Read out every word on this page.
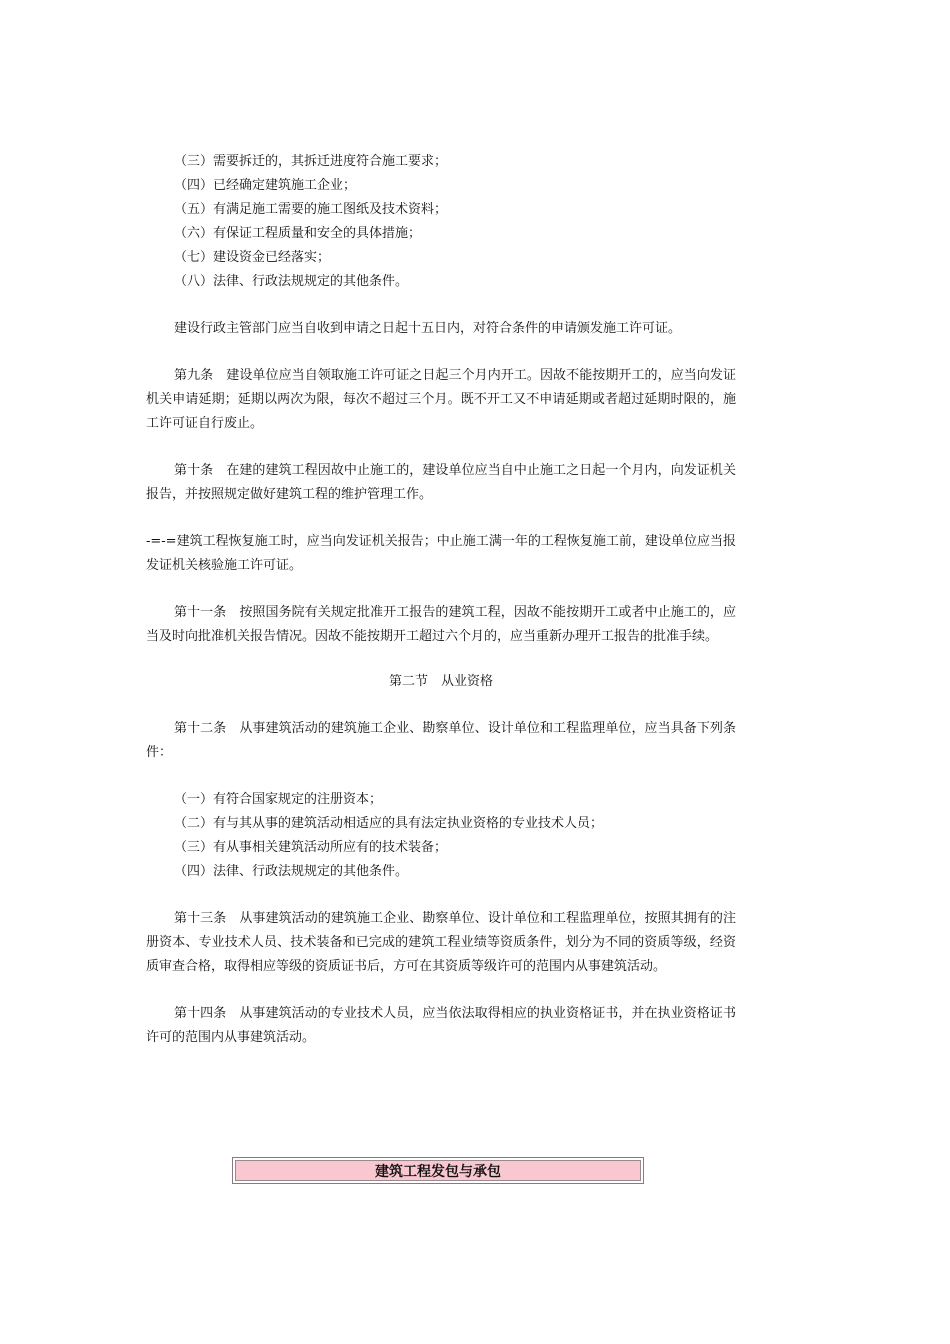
（三）需要拆迁的，其拆迁进度符合施工要求；

（四）已经确定建筑施工企业；

（五）有满足施工需要的施工图纸及技术资料；

（六）有保证工程质量和安全的具体措施；

（七）建设资金已经落实；

（八）法律、行政法规规定的其他条件。

建设行政主管部门应当自收到申请之日起十五日内，对符合条件的申请颁发施工许可证。

第九条　建设单位应当自领取施工许可证之日起三个月内开工。因故不能按期开工的，应当向发证机关申请延期；延期以两次为限，每次不超过三个月。既不开工又不申请延期或者超过延期时限的，施工许可证自行废止。

第十条　在建的建筑工程因故中止施工的，建设单位应当自中止施工之日起一个月内，向发证机关报告，并按照规定做好建筑工程的维护管理工作。

-=-=建筑工程恢复施工时，应当向发证机关报告；中止施工满一年的工程恢复施工前，建设单位应当报发证机关核验施工许可证。

第十一条　按照国务院有关规定批准开工报告的建筑工程，因故不能按期开工或者中止施工的，应当及时向批准机关报告情况。因故不能按期开工超过六个月的，应当重新办理开工报告的批准手续。

第二节　从业资格

第十二条　从事建筑活动的建筑施工企业、勘察单位、设计单位和工程监理单位，应当具备下列条件：

（一）有符合国家规定的注册资本；

（二）有与其从事的建筑活动相适应的具有法定执业资格的专业技术人员；

（三）有从事相关建筑活动所应有的技术装备；

（四）法律、行政法规规定的其他条件。

第十三条　从事建筑活动的建筑施工企业、勘察单位、设计单位和工程监理单位，按照其拥有的注册资本、专业技术人员、技术装备和已完成的建筑工程业绩等资质条件，划分为不同的资质等级，经资质审查合格，取得相应等级的资质证书后，方可在其资质等级许可的范围内从事建筑活动。

第十四条　从事建筑活动的专业技术人员，应当依法取得相应的执业资格证书，并在执业资格证书许可的范围内从事建筑活动。

建筑工程发包与承包
